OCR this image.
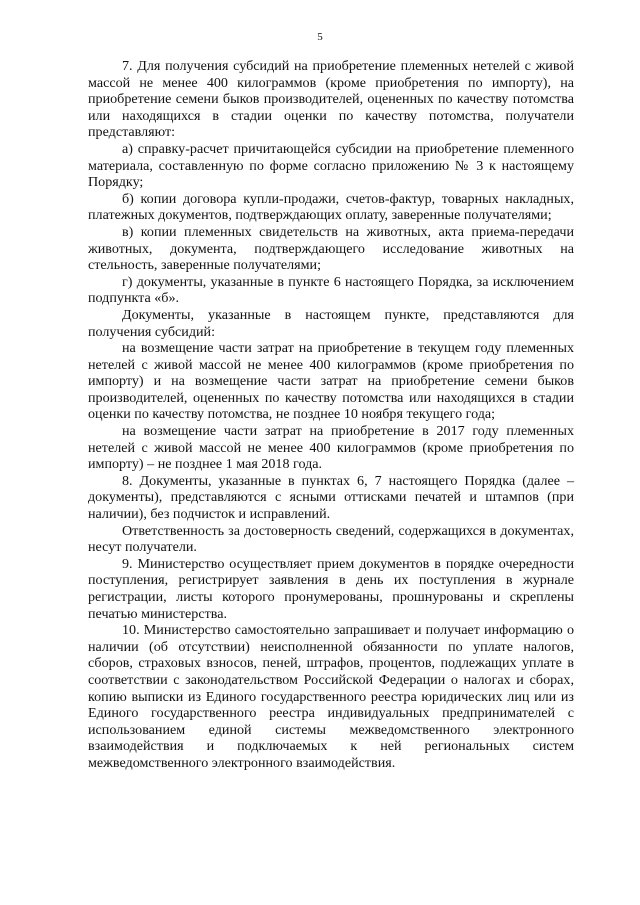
5

7. Для получения субсидий на приобретение племенных нетелей с живой массой не менее 400 килограммов (кроме приобретения по импорту), на приобретение семени быков производителей, оцененных по качеству потомства или находящихся в стадии оценки по качеству потомства, получатели представляют:

а) справку-расчет причитающейся субсидии на приобретение племенного материала, составленную по форме согласно приложению № 3 к настоящему Порядку;

б) копии договора купли-продажи, счетов-фактур, товарных накладных, платежных документов, подтверждающих оплату, заверенные получателями;

в) копии племенных свидетельств на животных, акта приема-передачи животных, документа, подтверждающего исследование животных на стельность, заверенные получателями;

г) документы, указанные в пункте 6 настоящего Порядка, за исключением подпункта «б».

Документы, указанные в настоящем пункте, представляются для получения субсидий:

на возмещение части затрат на приобретение в текущем году племенных нетелей с живой массой не менее 400 килограммов (кроме приобретения по импорту) и на возмещение части затрат на приобретение семени быков производителей, оцененных по качеству потомства или находящихся в стадии оценки по качеству потомства, не позднее 10 ноября текущего года;

на возмещение части затрат на приобретение в 2017 году племенных нетелей с живой массой не менее 400 килограммов (кроме приобретения по импорту) – не позднее 1 мая 2018 года.

8. Документы, указанные в пунктах 6, 7 настоящего Порядка (далее – документы), представляются с ясными оттисками печатей и штампов (при наличии), без подчисток и исправлений.

Ответственность за достоверность сведений, содержащихся в документах, несут получатели.

9. Министерство осуществляет прием документов в порядке очередности поступления, регистрирует заявления в день их поступления в журнале регистрации, листы которого пронумерованы, прошнурованы и скреплены печатью министерства.

10. Министерство самостоятельно запрашивает и получает информацию о наличии (об отсутствии) неисполненной обязанности по уплате налогов, сборов, страховых взносов, пеней, штрафов, процентов, подлежащих уплате в соответствии с законодательством Российской Федерации о налогах и сборах, копию выписки из Единого государственного реестра юридических лиц или из Единого государственного реестра индивидуальных предпринимателей с использованием единой системы межведомственного электронного взаимодействия и подключаемых к ней региональных систем межведомственного электронного взаимодействия.
